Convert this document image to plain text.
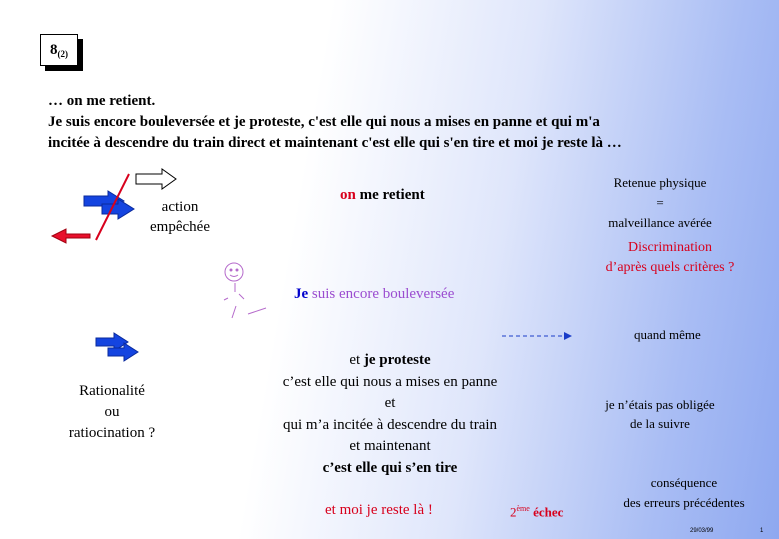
$8_{(2)}$
… on me retient.
Je suis encore bouleversée et je proteste, c'est elle qui nous a mises en panne et qui m'a
incitée à descendre du train direct et maintenant c'est elle qui s'en tire et moi je reste là …
action
empêchée
on me retient
Retenue physique
=
malveillance avérée
Discrimination
d’après quels critères ?
Je suis encore bouleversée
quand même
Rationalité
ou
ratiocination ?
et je proteste
c’est elle qui nous a mises en panne
et
qui m’a incitée à descendre du train
et maintenant
c’est elle qui s’en tire
je n’étais pas obligée
de la suivre
conséquence
des erreurs précédentes
et moi je reste là !	2ème échec
29/03/99	1
